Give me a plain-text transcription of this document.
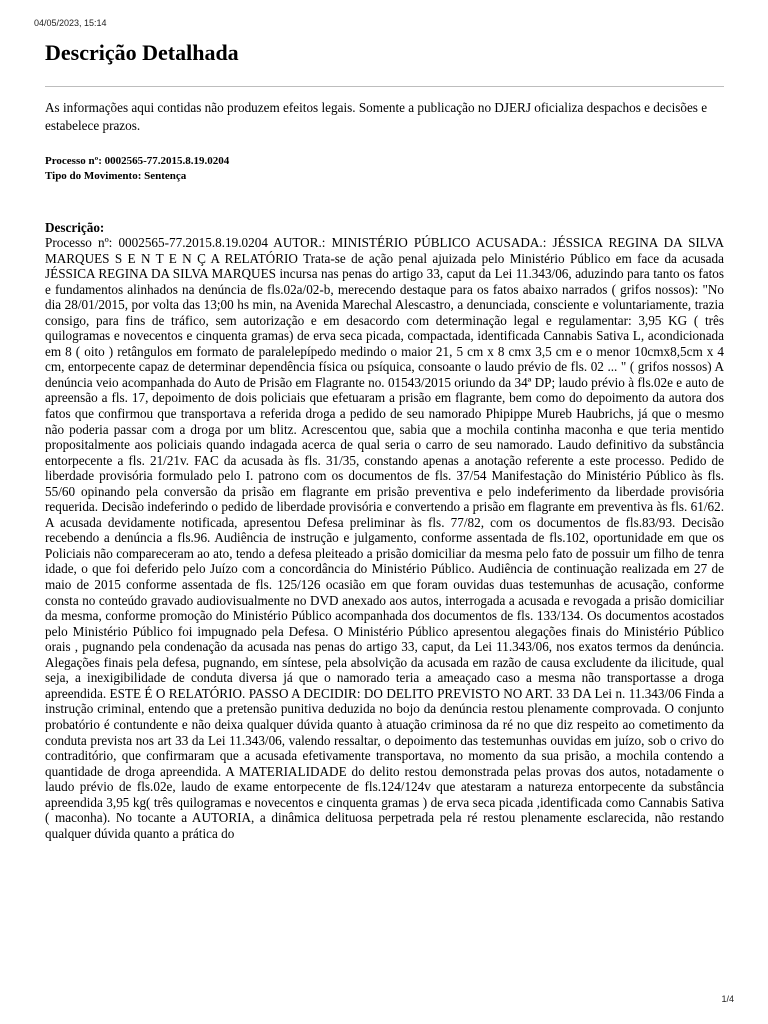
04/05/2023, 15:14
Descrição Detalhada

As informações aqui contidas não produzem efeitos legais. Somente a publicação no DJERJ oficializa despachos e decisões e estabelece prazos.

Processo nº: 0002565-77.2015.8.19.0204
Tipo do Movimento: Sentença
Descrição:

Processo nº: 0002565-77.2015.8.19.0204 AUTOR.: MINISTÉRIO PÚBLICO ACUSADA.: JÉSSICA REGINA DA SILVA MARQUES S E N T E N Ç A RELATÓRIO Trata-se de ação penal ajuizada pelo Ministério Público em face da acusada JÉSSICA REGINA DA SILVA MARQUES incursa nas penas do artigo 33, caput da Lei 11.343/06, aduzindo para tanto os fatos e fundamentos alinhados na denúncia de fls.02a/02-b, merecendo destaque para os fatos abaixo narrados ( grifos nossos): "No dia 28/01/2015, por volta das 13;00 hs min, na Avenida Marechal Alescastro, a denunciada, consciente e voluntariamente, trazia consigo, para fins de tráfico, sem autorização e em desacordo com determinação legal e regulamentar: 3,95 KG ( três quilogramas e novecentos e cinquenta gramas) de erva seca picada, compactada, identificada Cannabis Sativa L, acondicionada em 8 ( oito ) retângulos em formato de paralelepípedo medindo o maior 21, 5 cm x 8 cmx 3,5 cm e o menor 10cmx8,5cm x 4 cm, entorpecente capaz de determinar dependência física ou psíquica, consoante o laudo prévio de fls. 02 ... " ( grifos nossos) A denúncia veio acompanhada do Auto de Prisão em Flagrante no. 01543/2015 oriundo da 34ª DP; laudo prévio à fls.02e e auto de apreensão a fls. 17, depoimento de dois policiais que efetuaram a prisão em flagrante, bem como do depoimento da autora dos fatos que confirmou que transportava a referida droga a pedido de seu namorado Phipippe Mureb Haubrichs, já que o mesmo não poderia passar com a droga por um blitz. Acrescentou que, sabia que a mochila continha maconha e que teria mentido propositalmente aos policiais quando indagada acerca de qual seria o carro de seu namorado. Laudo definitivo da substância entorpecente a fls. 21/21v. FAC da acusada às fls. 31/35, constando apenas a anotação referente a este processo. Pedido de liberdade provisória formulado pelo I. patrono com os documentos de fls. 37/54 Manifestação do Ministério Público às fls. 55/60 opinando pela conversão da prisão em flagrante em prisão preventiva e pelo indeferimento da liberdade provisória requerida. Decisão indeferindo o pedido de liberdade provisória e convertendo a prisão em flagrante em preventiva às fls. 61/62. A acusada devidamente notificada, apresentou Defesa preliminar às fls. 77/82, com os documentos de fls.83/93. Decisão recebendo a denúncia a fls.96. Audiência de instrução e julgamento, conforme assentada de fls.102, oportunidade em que os Policiais não compareceram ao ato, tendo a defesa pleiteado a prisão domiciliar da mesma pelo fato de possuir um filho de tenra idade, o que foi deferido pelo Juízo com a concordância do Ministério Público. Audiência de continuação realizada em 27 de maio de 2015 conforme assentada de fls. 125/126 ocasião em que foram ouvidas duas testemunhas de acusação, conforme consta no conteúdo gravado audiovisualmente no DVD anexado aos autos, interrogada a acusada e revogada a prisão domiciliar da mesma, conforme promoção do Ministério Público acompanhada dos documentos de fls. 133/134. Os documentos acostados pelo Ministério Público foi impugnado pela Defesa. O Ministério Público apresentou alegações finais do Ministério Público orais , pugnando pela condenação da acusada nas penas do artigo 33, caput, da Lei 11.343/06, nos exatos termos da denúncia. Alegações finais pela defesa, pugnando, em síntese, pela absolvição da acusada em razão de causa excludente da ilicitude, qual seja, a inexigibilidade de conduta diversa já que o namorado teria a ameaçado caso a mesma não transportasse a droga apreendida. ESTE É O RELATÓRIO. PASSO A DECIDIR: DO DELITO PREVISTO NO ART. 33 DA Lei n. 11.343/06 Finda a instrução criminal, entendo que a pretensão punitiva deduzida no bojo da denúncia restou plenamente comprovada. O conjunto probatório é contundente e não deixa qualquer dúvida quanto à atuação criminosa da ré no que diz respeito ao cometimento da conduta prevista nos art 33 da Lei 11.343/06, valendo ressaltar, o depoimento das testemunhas ouvidas em juízo, sob o crivo do contraditório, que confirmaram que a acusada efetivamente transportava, no momento da sua prisão, a mochila contendo a quantidade de droga apreendida. A MATERIALIDADE do delito restou demonstrada pelas provas dos autos, notadamente o laudo prévio de fls.02e, laudo de exame entorpecente de fls.124/124v que atestaram a natureza entorpecente da substância apreendida 3,95 kg( três quilogramas e novecentos e cinquenta gramas ) de erva seca picada ,identificada como Cannabis Sativa ( maconha). No tocante a AUTORIA, a dinâmica delituosa perpetrada pela ré restou plenamente esclarecida, não restando qualquer dúvida quanto a prática do

1/4
